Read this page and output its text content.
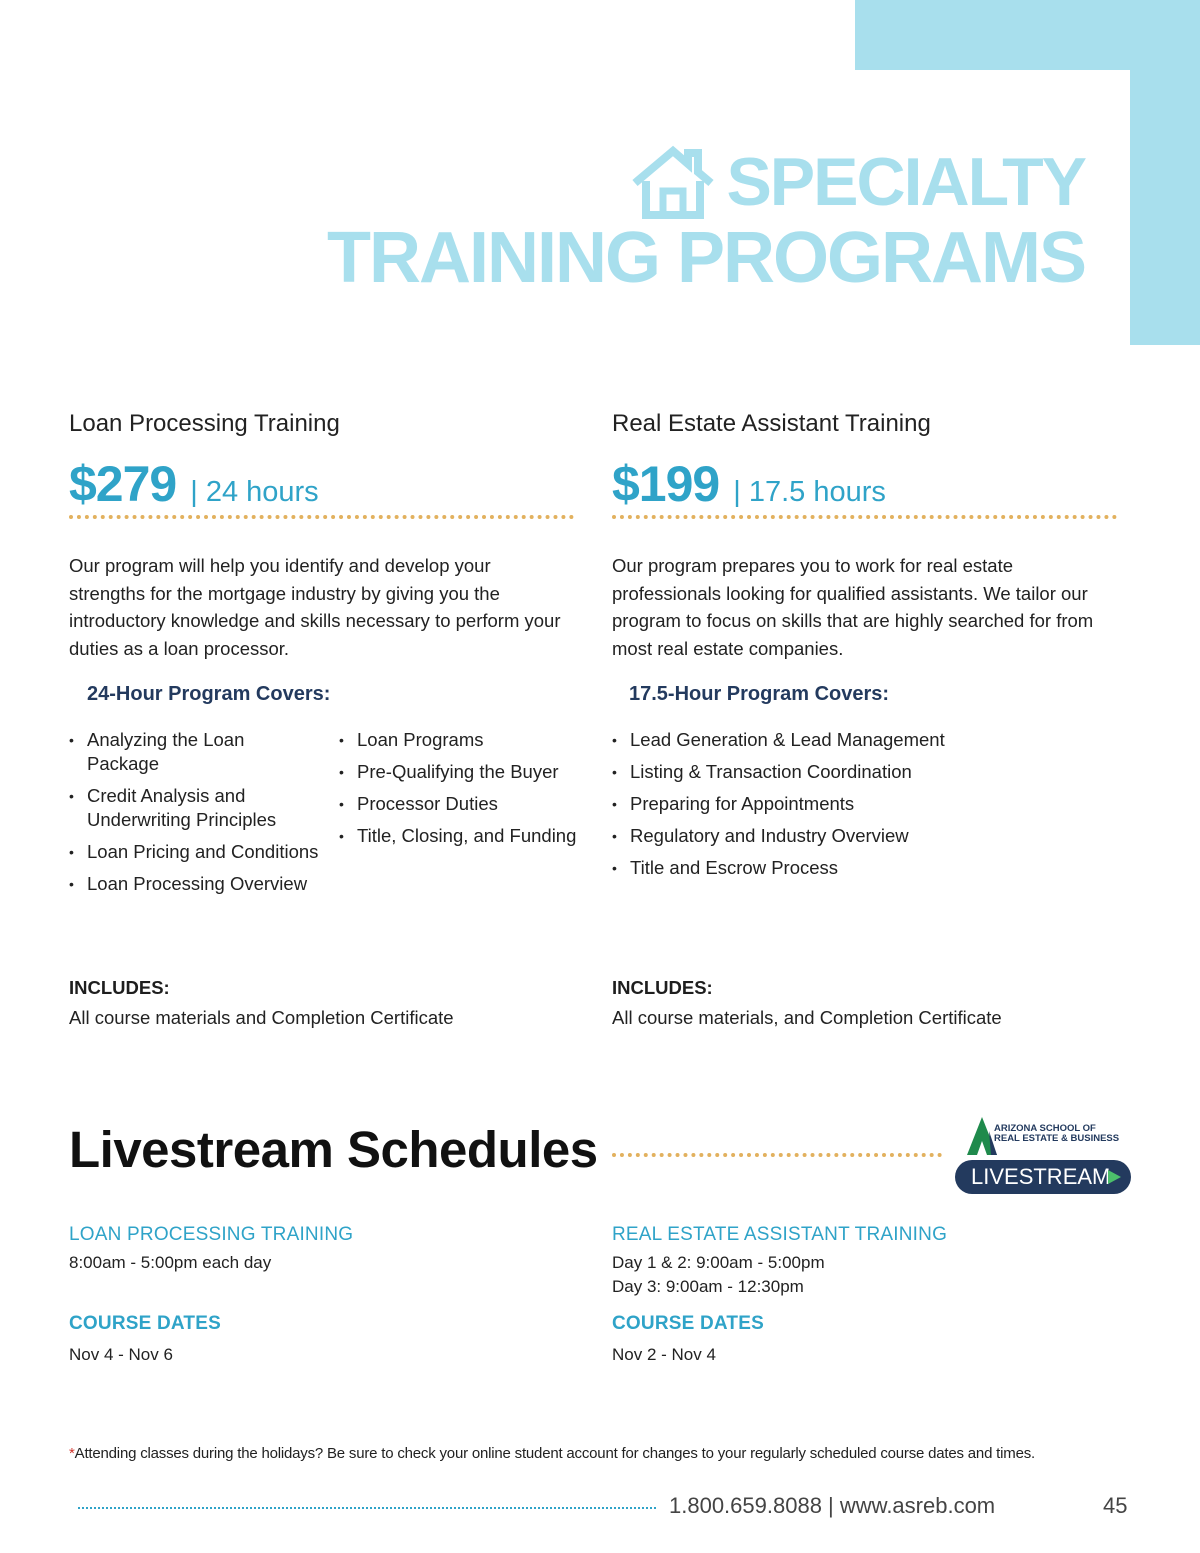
SPECIALTY
TRAINING PROGRAMS
Loan Processing Training
$279 | 24 hours
Our program will help you identify and develop your strengths for the mortgage industry by giving you the introductory knowledge and skills necessary to perform your duties as a loan processor.
24-Hour Program Covers:
• Analyzing the Loan Package
• Credit Analysis and Underwriting Principles
• Loan Pricing and Conditions
• Loan Processing Overview
• Loan Programs
• Pre-Qualifying the Buyer
• Processor Duties
• Title, Closing, and Funding
INCLUDES:
All course materials and Completion Certificate
Real Estate Assistant Training
$199 | 17.5 hours
Our program prepares you to work for real estate professionals looking for qualified assistants. We tailor our program to focus on skills that are highly searched for from most real estate companies.
17.5-Hour Program Covers:
• Lead Generation & Lead Management
• Listing & Transaction Coordination
• Preparing for Appointments
• Regulatory and Industry Overview
• Title and Escrow Process
INCLUDES:
All course materials, and Completion Certificate
Livestream Schedules	ARIZONA SCHOOL OF
REAL ESTATE & BUSINESS
LIVESTREAM
LOAN PROCESSING TRAINING
8:00am - 5:00pm each day
COURSE DATES
Nov 4 - Nov 6
REAL ESTATE ASSISTANT TRAINING
Day 1 & 2: 9:00am - 5:00pm
Day 3: 9:00am - 12:30pm
COURSE DATES
Nov 2 - Nov 4
*Attending classes during the holidays? Be sure to check your online student account for changes to your regularly scheduled course dates and times.
1.800.659.8088 | www.asreb.com	45
